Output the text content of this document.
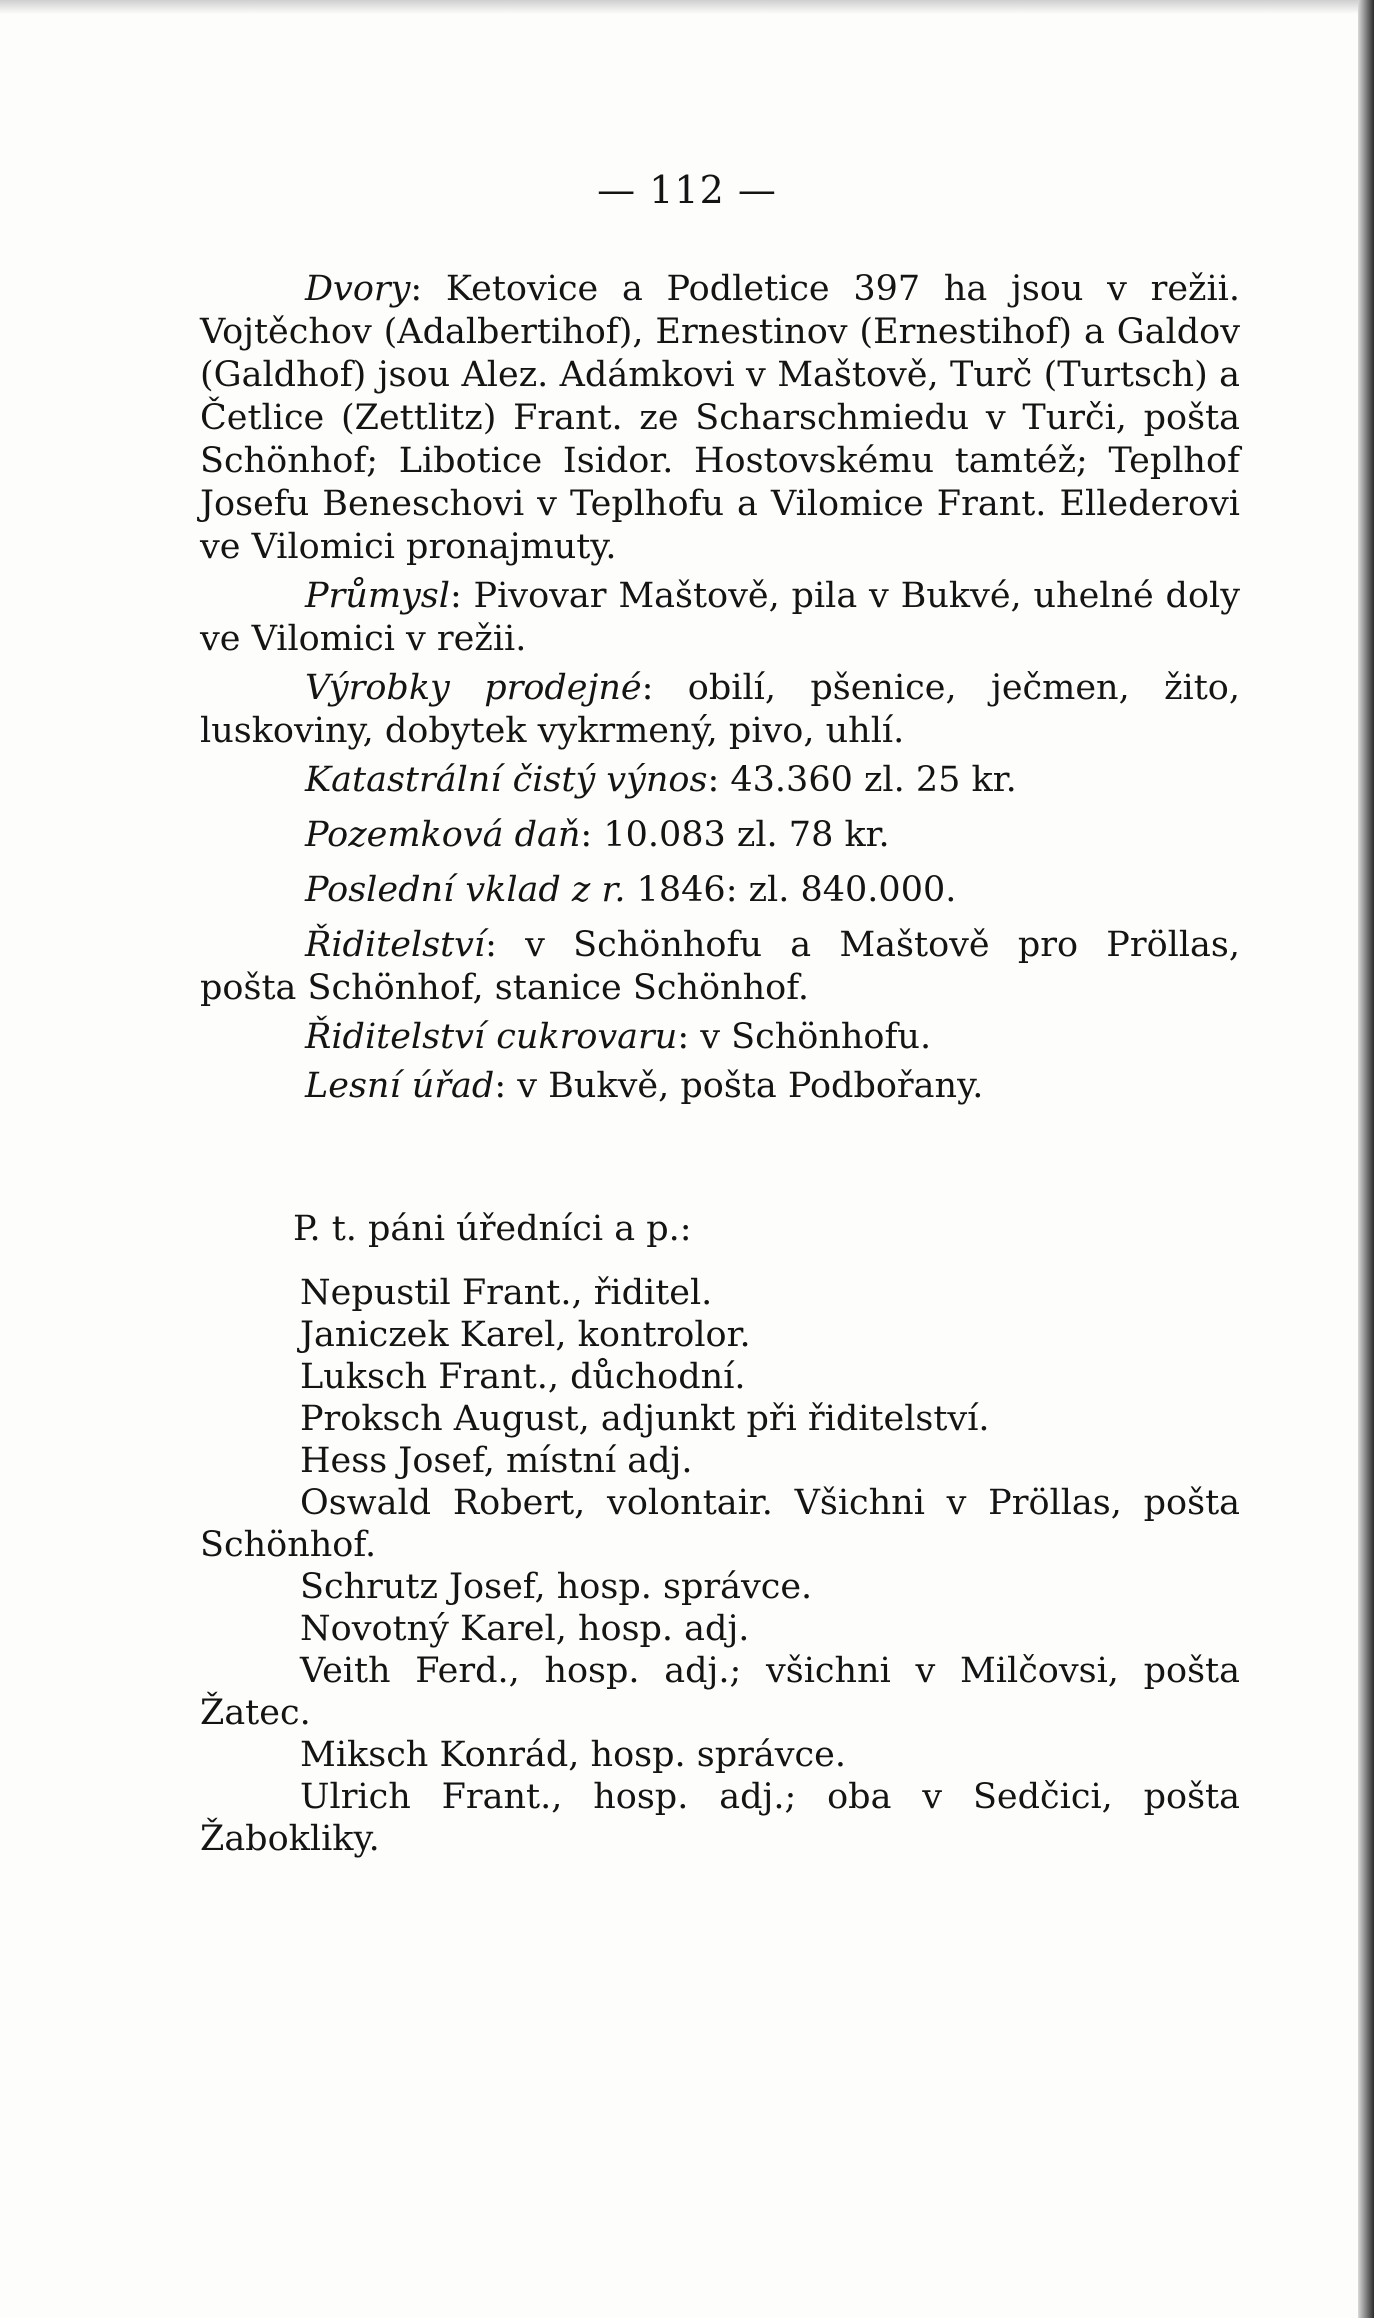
— 112 —

Dvory: Ketovice a Podletice 397 ha jsou v režii. Vojtěchov (Adalbertihof), Ernestinov (Ernestihof) a Galdov (Galdhof) jsou Alez. Adámkovi v Maštově, Turč (Turtsch) a Četlice (Zettlitz) Frant. ze Scharschmiedu v Turči, pošta Schönhof; Libotice Isidor. Hostovskému tamtéž; Teplhof Josefu Beneschovi v Teplhofu a Vilomice Frant. Ellederovi ve Vilomici pronajmuty.

Průmysl: Pivovar Maštově, pila v Bukvé, uhelné doly ve Vilomici v režii.

Výrobky prodejné: obilí, pšenice, ječmen, žito, luskoviny, dobytek vykrmený, pivo, uhlí.

Katastrální čistý výnos: 43.360 zl. 25 kr.

Pozemková daň: 10.083 zl. 78 kr.

Poslední vklad z r. 1846: zl. 840.000.

Řiditelství: v Schönhofu a Maštově pro Pröllas, pošta Schönhof, stanice Schönhof.

Řiditelství cukrovaru: v Schönhofu.

Lesní úřad: v Bukvě, pošta Podbořany.

P. t. páni úředníci a p.:

Nepustil Frant., řiditel.

Janiczek Karel, kontrolor.

Luksch Frant., důchodní.

Proksch August, adjunkt při řiditelství.

Hess Josef, místní adj.

Oswald Robert, volontair. Všichni v Pröllas, pošta Schönhof.

Schrutz Josef, hosp. správce.

Novotný Karel, hosp. adj.

Veith Ferd., hosp. adj.; všichni v Milčovsi, pošta Žatec.

Miksch Konrád, hosp. správce.

Ulrich Frant., hosp. adj.; oba v Sedčici, pošta Žabokliky.
